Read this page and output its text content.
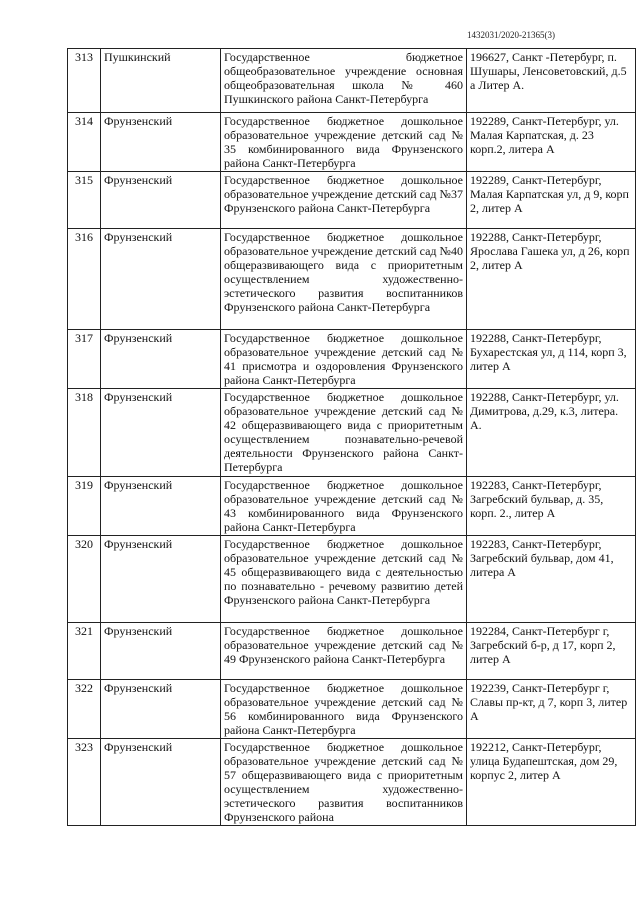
1432031/2020-21365(3)
313	Пушкинский	Государственное бюджетное общеобразовательное учреждение основная общеобразовательная школа № 460 Пушкинского района Санкт-Петербурга	196627, Санкт -Петербург, п. Шушары, Ленсоветовский, д.5 а Литер А.
314	Фрунзенский	Государственное бюджетное дошкольное образовательное учреждение детский сад № 35 комбинированного вида Фрунзенского района Санкт-Петербурга	192289, Санкт-Петербург, ул. Малая Карпатская, д. 23 корп.2, литера А
315	Фрунзенский	Государственное бюджетное дошкольное образовательное учреждение детский сад №37 Фрунзенского района Санкт-Петербурга	192289, Санкт-Петербург, Малая Карпатская ул, д 9, корп 2, литер А
316	Фрунзенский	Государственное бюджетное дошкольное образовательное учреждение детский сад №40 общеразвивающего вида с приоритетным осуществлением художественно-эстетического развития воспитанников Фрунзенского района Санкт-Петербурга	192288, Санкт-Петербург, Ярослава Гашека ул, д 26, корп 2, литер А
317	Фрунзенский	Государственное бюджетное дошкольное образовательное учреждение детский сад № 41 присмотра и оздоровления Фрунзенского района Санкт-Петербурга	192288, Санкт-Петербург, Бухарестская ул, д 114, корп 3, литер А
318	Фрунзенский	Государственное бюджетное дошкольное образовательное учреждение детский сад № 42 общеразвивающего вида с приоритетным осуществлением познавательно-речевой деятельности Фрунзенского района Санкт-Петербурга	192288, Санкт-Петербург, ул. Димитрова, д.29, к.3, литера. А.
319	Фрунзенский	Государственное бюджетное дошкольное образовательное учреждение детский сад № 43 комбинированного вида Фрунзенского района Санкт-Петербурга	192283, Санкт-Петербург, Загребский бульвар, д. 35, корп. 2., литер А
320	Фрунзенский	Государственное бюджетное дошкольное образовательное учреждение детский сад № 45 общеразвивающего вида с деятельностью по познавательно - речевому развитию детей Фрунзенского района Санкт-Петербурга	192283, Санкт-Петербург, Загребский бульвар, дом 41, литера А
321	Фрунзенский	Государственное бюджетное дошкольное образовательное учреждение детский сад № 49 Фрунзенского района Санкт-Петербурга	192284, Санкт-Петербург г, Загребский б-р, д 17, корп 2, литер А
322	Фрунзенский	Государственное бюджетное дошкольное образовательное учреждение детский сад № 56 комбинированного вида Фрунзенского района Санкт-Петербурга	192239, Санкт-Петербург г, Славы пр-кт, д 7, корп 3, литер А
323	Фрунзенский	Государственное бюджетное дошкольное образовательное учреждение детский сад № 57 общеразвивающего вида с приоритетным осуществлением художественно-эстетического развития воспитанников Фрунзенского района	192212, Санкт-Петербург, улица Будапештская, дом 29, корпус 2, литер А
